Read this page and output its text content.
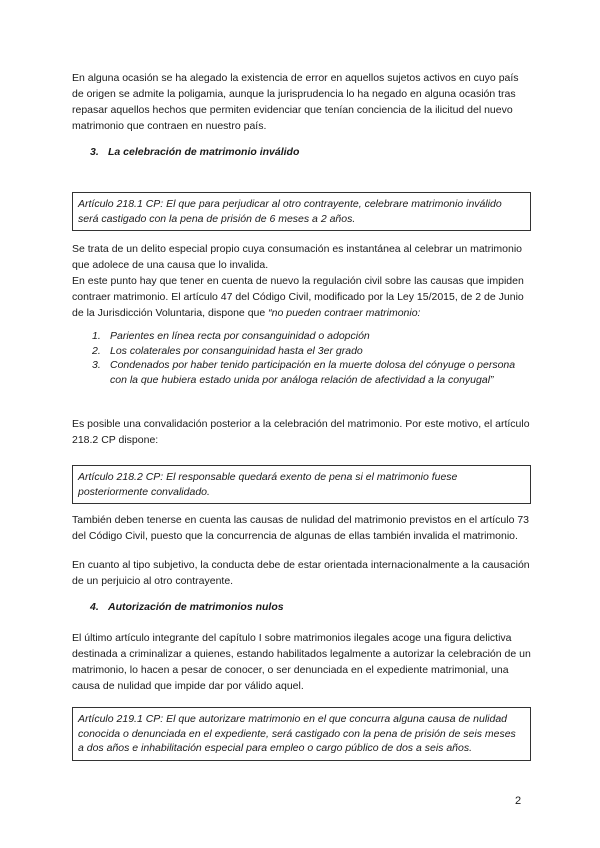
En alguna ocasión se ha alegado la existencia de error en aquellos sujetos activos en cuyo país de origen se admite la poligamia, aunque la jurisprudencia lo ha negado en alguna ocasión tras repasar aquellos hechos que permiten evidenciar que tenían conciencia de la ilicitud del nuevo matrimonio que contraen en nuestro país.

3. La celebración de matrimonio inválido
Artículo 218.1 CP: El que para perjudicar al otro contrayente, celebrare matrimonio inválido será castigado con la pena de prisión de 6 meses a 2 años.

Se trata de un delito especial propio cuya consumación es instantánea al celebrar un matrimonio que adolece de una causa que lo invalida.

En este punto hay que tener en cuenta de nuevo la regulación civil sobre las causas que impiden contraer matrimonio. El artículo 47 del Código Civil, modificado por la Ley 15/2015, de 2 de Junio de la Jurisdicción Voluntaria, dispone que “no pueden contraer matrimonio:

1. Parientes en línea recta por consanguinidad o adopción
2. Los colaterales por consanguinidad hasta el 3er grado
3. Condenados por haber tenido participación en la muerte dolosa del cónyuge o persona con la que hubiera estado unida por análoga relación de afectividad a la conyugal”

Es posible una convalidación posterior a la celebración del matrimonio. Por este motivo, el artículo 218.2 CP dispone:

Artículo 218.2 CP: El responsable quedará exento de pena si el matrimonio fuese posteriormente convalidado.

También deben tenerse en cuenta las causas de nulidad del matrimonio previstos en el artículo 73 del Código Civil, puesto que la concurrencia de algunas de ellas también invalida el matrimonio.

En cuanto al tipo subjetivo, la conducta debe de estar orientada internacionalmente a la causación de un perjuicio al otro contrayente.

4. Autorización de matrimonios nulos

El último artículo integrante del capítulo I sobre matrimonios ilegales acoge una figura delictiva destinada a criminalizar a quienes, estando habilitados legalmente a autorizar la celebración de un matrimonio, lo hacen a pesar de conocer, o ser denunciada en el expediente matrimonial, una causa de nulidad que impide dar por válido aquel.

Artículo 219.1 CP: El que autorizare matrimonio en el que concurra alguna causa de nulidad conocida o denunciada en el expediente, será castigado con la pena de prisión de seis meses a dos años e inhabilitación especial para empleo o cargo público de dos a seis años.
2
